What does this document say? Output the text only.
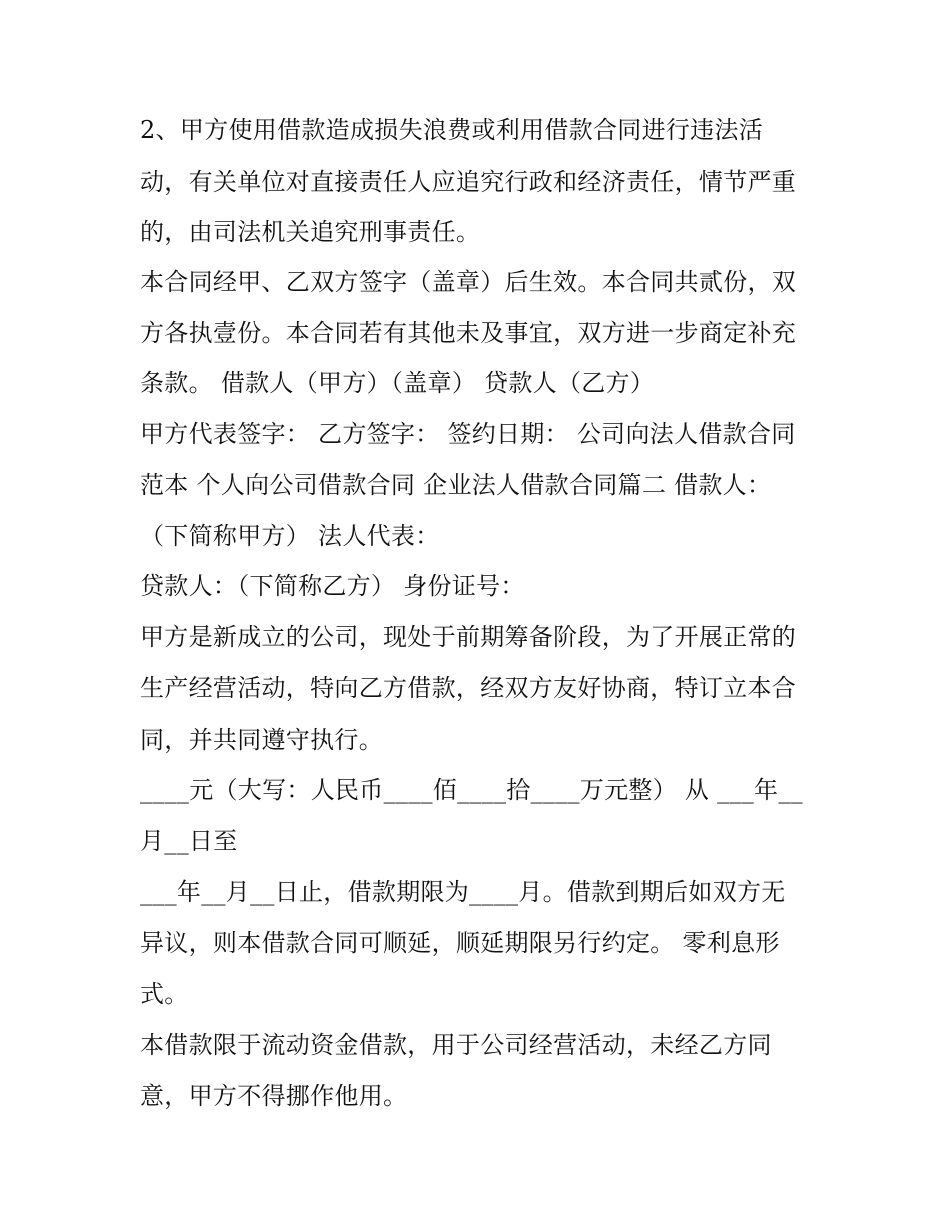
2、甲方使用借款造成损失浪费或利用借款合同进行违法活
动，有关单位对直接责任人应追究行政和经济责任，情节严重
的，由司法机关追究刑事责任。
本合同经甲、乙双方签字（盖章）后生效。本合同共贰份，双
方各执壹份。本合同若有其他未及事宜，双方进一步商定补充
条款。 借款人（甲方）（盖章） 贷款人（乙方）
甲方代表签字： 乙方签字： 签约日期： 公司向法人借款合同
范本 个人向公司借款合同 企业法人借款合同篇二 借款人：
（下简称甲方） 法人代表：
贷款人：（下简称乙方） 身份证号：
甲方是新成立的公司，现处于前期筹备阶段，为了开展正常的
生产经营活动，特向乙方借款，经双方友好协商，特订立本合
同，并共同遵守执行。
____元（大写：人民币____佰____拾____万元整） 从 ___年__
月__日至
___年__月__日止，借款期限为____月。借款到期后如双方无
异议，则本借款合同可顺延，顺延期限另行约定。 零利息形
式。
本借款限于流动资金借款，用于公司经营活动，未经乙方同
意，甲方不得挪作他用。
